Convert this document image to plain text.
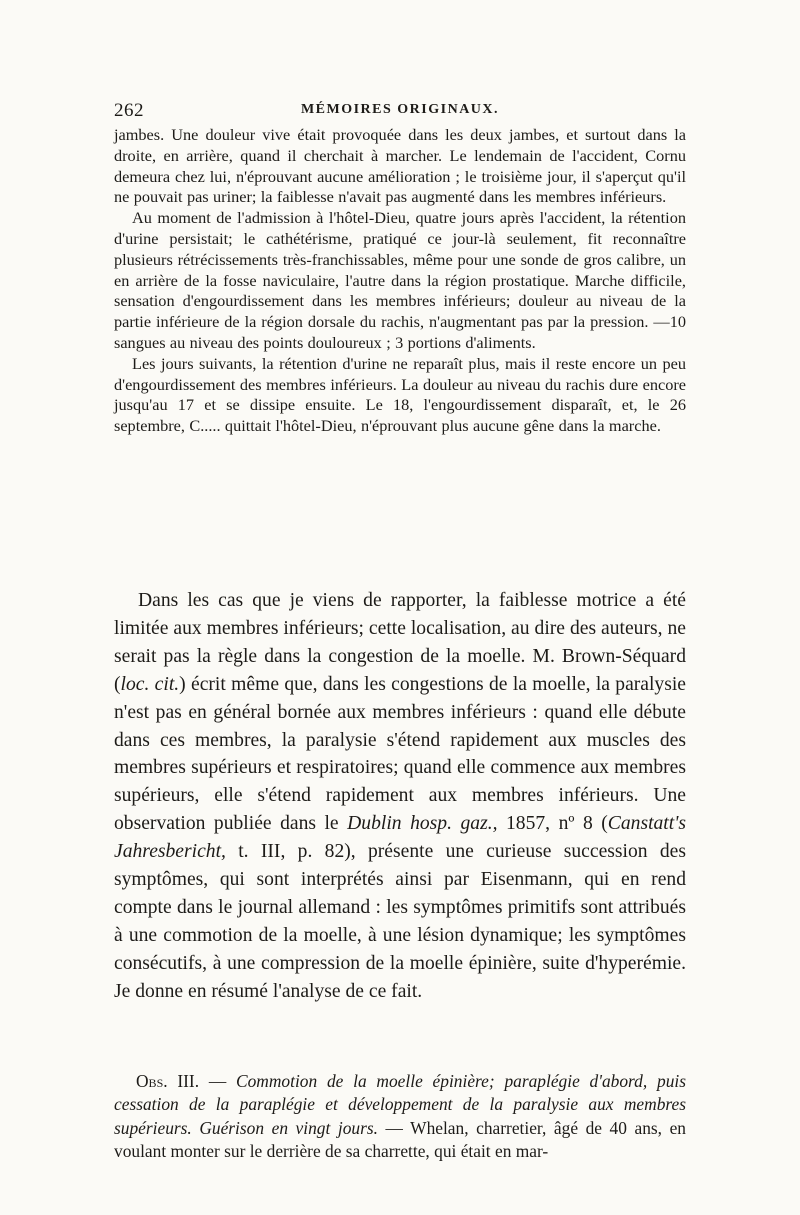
262	MÉMOIRES ORIGINAUX.

jambes. Une douleur vive était provoquée dans les deux jambes, et surtout dans la droite, en arrière, quand il cherchait à marcher. Le lendemain de l'accident, Cornu demeura chez lui, n'éprouvant aucune amélioration ; le troisième jour, il s'aperçut qu'il ne pouvait pas uriner; la faiblesse n'avait pas augmenté dans les membres inférieurs.

Au moment de l'admission à l'hôtel-Dieu, quatre jours après l'accident, la rétention d'urine persistait; le cathétérisme, pratiqué ce jour-là seulement, fit reconnaître plusieurs rétrécissements très-franchissables, même pour une sonde de gros calibre, un en arrière de la fosse naviculaire, l'autre dans la région prostatique. Marche difficile, sensation d'engourdissement dans les membres inférieurs; douleur au niveau de la partie inférieure de la région dorsale du rachis, n'augmentant pas par la pression. —10 sangues au niveau des points douloureux ; 3 portions d'aliments.

Les jours suivants, la rétention d'urine ne reparaît plus, mais il reste encore un peu d'engourdissement des membres inférieurs. La douleur au niveau du rachis dure encore jusqu'au 17 et se dissipe ensuite. Le 18, l'engourdissement disparaît, et, le 26 septembre, C..... quittait l'hôtel-Dieu, n'éprouvant plus aucune gêne dans la marche.

Dans les cas que je viens de rapporter, la faiblesse motrice a été limitée aux membres inférieurs; cette localisation, au dire des auteurs, ne serait pas la règle dans la congestion de la moelle. M. Brown-Séquard (loc. cit.) écrit même que, dans les congestions de la moelle, la paralysie n'est pas en général bornée aux membres inférieurs : quand elle débute dans ces membres, la paralysie s'étend rapidement aux muscles des membres supérieurs et respiratoires; quand elle commence aux membres supérieurs, elle s'étend rapidement aux membres inférieurs. Une observation publiée dans le Dublin hosp. gaz., 1857, nº 8 (Canstatt's Jahresbericht, t. III, p. 82), présente une curieuse succession des symptômes, qui sont interprétés ainsi par Eisenmann, qui en rend compte dans le journal allemand : les symptômes primitifs sont attribués à une commotion de la moelle, à une lésion dynamique; les symptômes consécutifs, à une compression de la moelle épinière, suite d'hyperémie. Je donne en résumé l'analyse de ce fait.

Obs. III. — Commotion de la moelle épinière; paraplégie d'abord, puis cessation de la paraplégie et développement de la paralysie aux membres supérieurs. Guérison en vingt jours. — Whelan, charretier, âgé de 40 ans, en voulant monter sur le derrière de sa charrette, qui était en mar-
